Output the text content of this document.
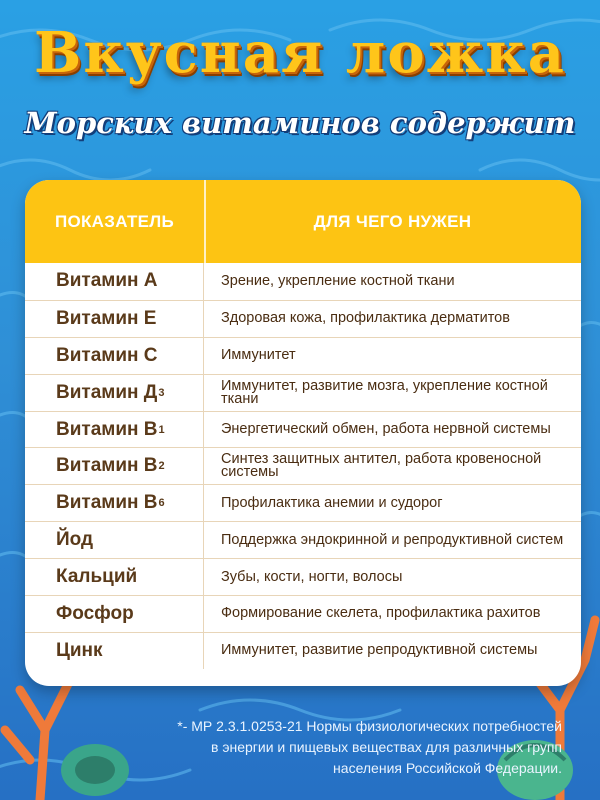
Вкусная ложка
Морских витаминов содержит
ПОКАЗАТЕЛЬ	ДЛЯ ЧЕГО НУЖЕН
Витамин А	Зрение, укрепление костной ткани
Витамин Е	Здоровая кожа, профилактика дерматитов
Витамин С	Иммунитет
Витамин Д 3	Иммунитет, развитие мозга, укрепление костной ткани
Витамин В 1	Энергетический обмен, работа нервной системы
Витамин В 2	Синтез защитных антител, работа кровеносной системы
Витамин В 6	Профилактика анемии и судорог
Йод	Поддержка эндокринной и репродуктивной систем
Кальций	Зубы, кости, ногти, волосы
Фосфор	Формирование скелета, профилактика рахитов
Цинк	Иммунитет, развитие репродуктивной системы
*- МР 2.3.1.0253-21 Нормы физиологических потребностей
в энергии и пищевых веществах для различных групп
населения Российской Федерации.
